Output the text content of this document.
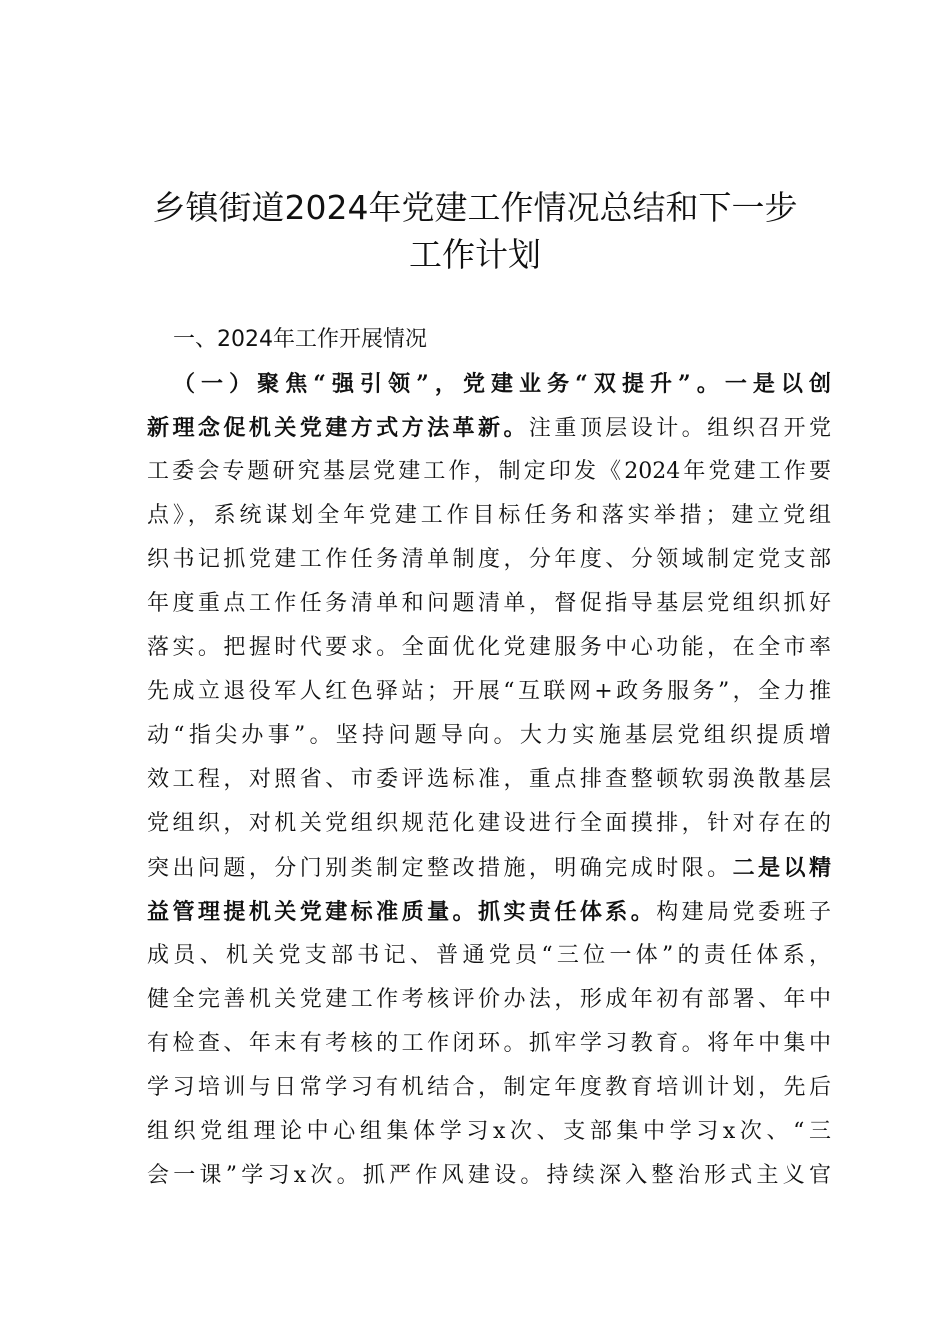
乡镇街道2024年党建工作情况总结和下一步
工作计划

一、2024年工作开展情况

（一）聚焦“强引领”，党建业务“双提升”。一是以创
新理念促机关党建方式方法革新。注重顶层设计。组织召开党
工委会专题研究基层党建工作，制定印发《2024年党建工作要
点》，系统谋划全年党建工作目标任务和落实举措；建立党组
织书记抓党建工作任务清单制度，分年度、分领域制定党支部
年度重点工作任务清单和问题清单，督促指导基层党组织抓好
落实。把握时代要求。全面优化党建服务中心功能，在全市率
先成立退役军人红色驿站；开展“互联网+政务服务”，全力推
动“指尖办事”。坚持问题导向。大力实施基层党组织提质增
效工程，对照省、市委评选标准，重点排查整顿软弱涣散基层
党组织，对机关党组织规范化建设进行全面摸排，针对存在的
突出问题，分门别类制定整改措施，明确完成时限。二是以精
益管理提机关党建标准质量。抓实责任体系。构建局党委班子
成员、机关党支部书记、普通党员“三位一体”的责任体系，
健全完善机关党建工作考核评价办法，形成年初有部署、年中
有检查、年末有考核的工作闭环。抓牢学习教育。将年中集中
学习培训与日常学习有机结合，制定年度教育培训计划，先后
组织党组理论中心组集体学习x次、支部集中学习x次、“三
会一课”学习x次。抓严作风建设。持续深入整治形式主义官
